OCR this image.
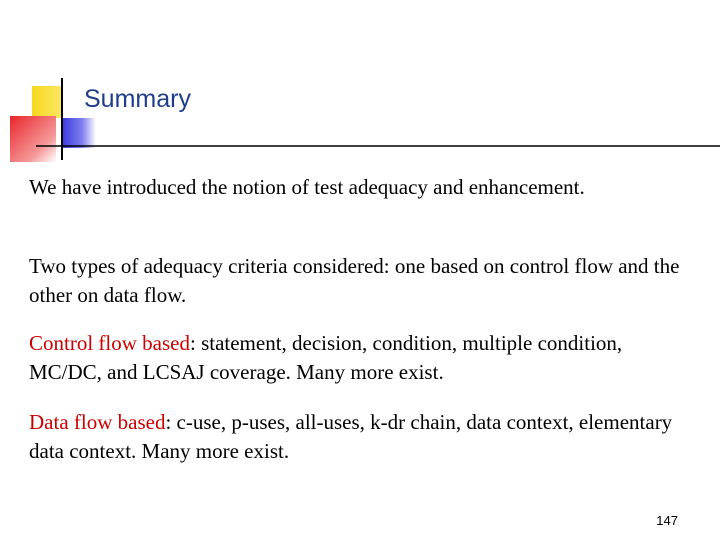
Summary

We have introduced the notion of test adequacy and enhancement.

Two types of adequacy criteria considered: one based on control flow and the other on data flow.

Control flow based: statement, decision, condition, multiple condition, MC/DC, and LCSAJ coverage. Many more exist.

Data flow based: c-use, p-uses, all-uses, k-dr chain, data context, elementary data context. Many more exist.

147
